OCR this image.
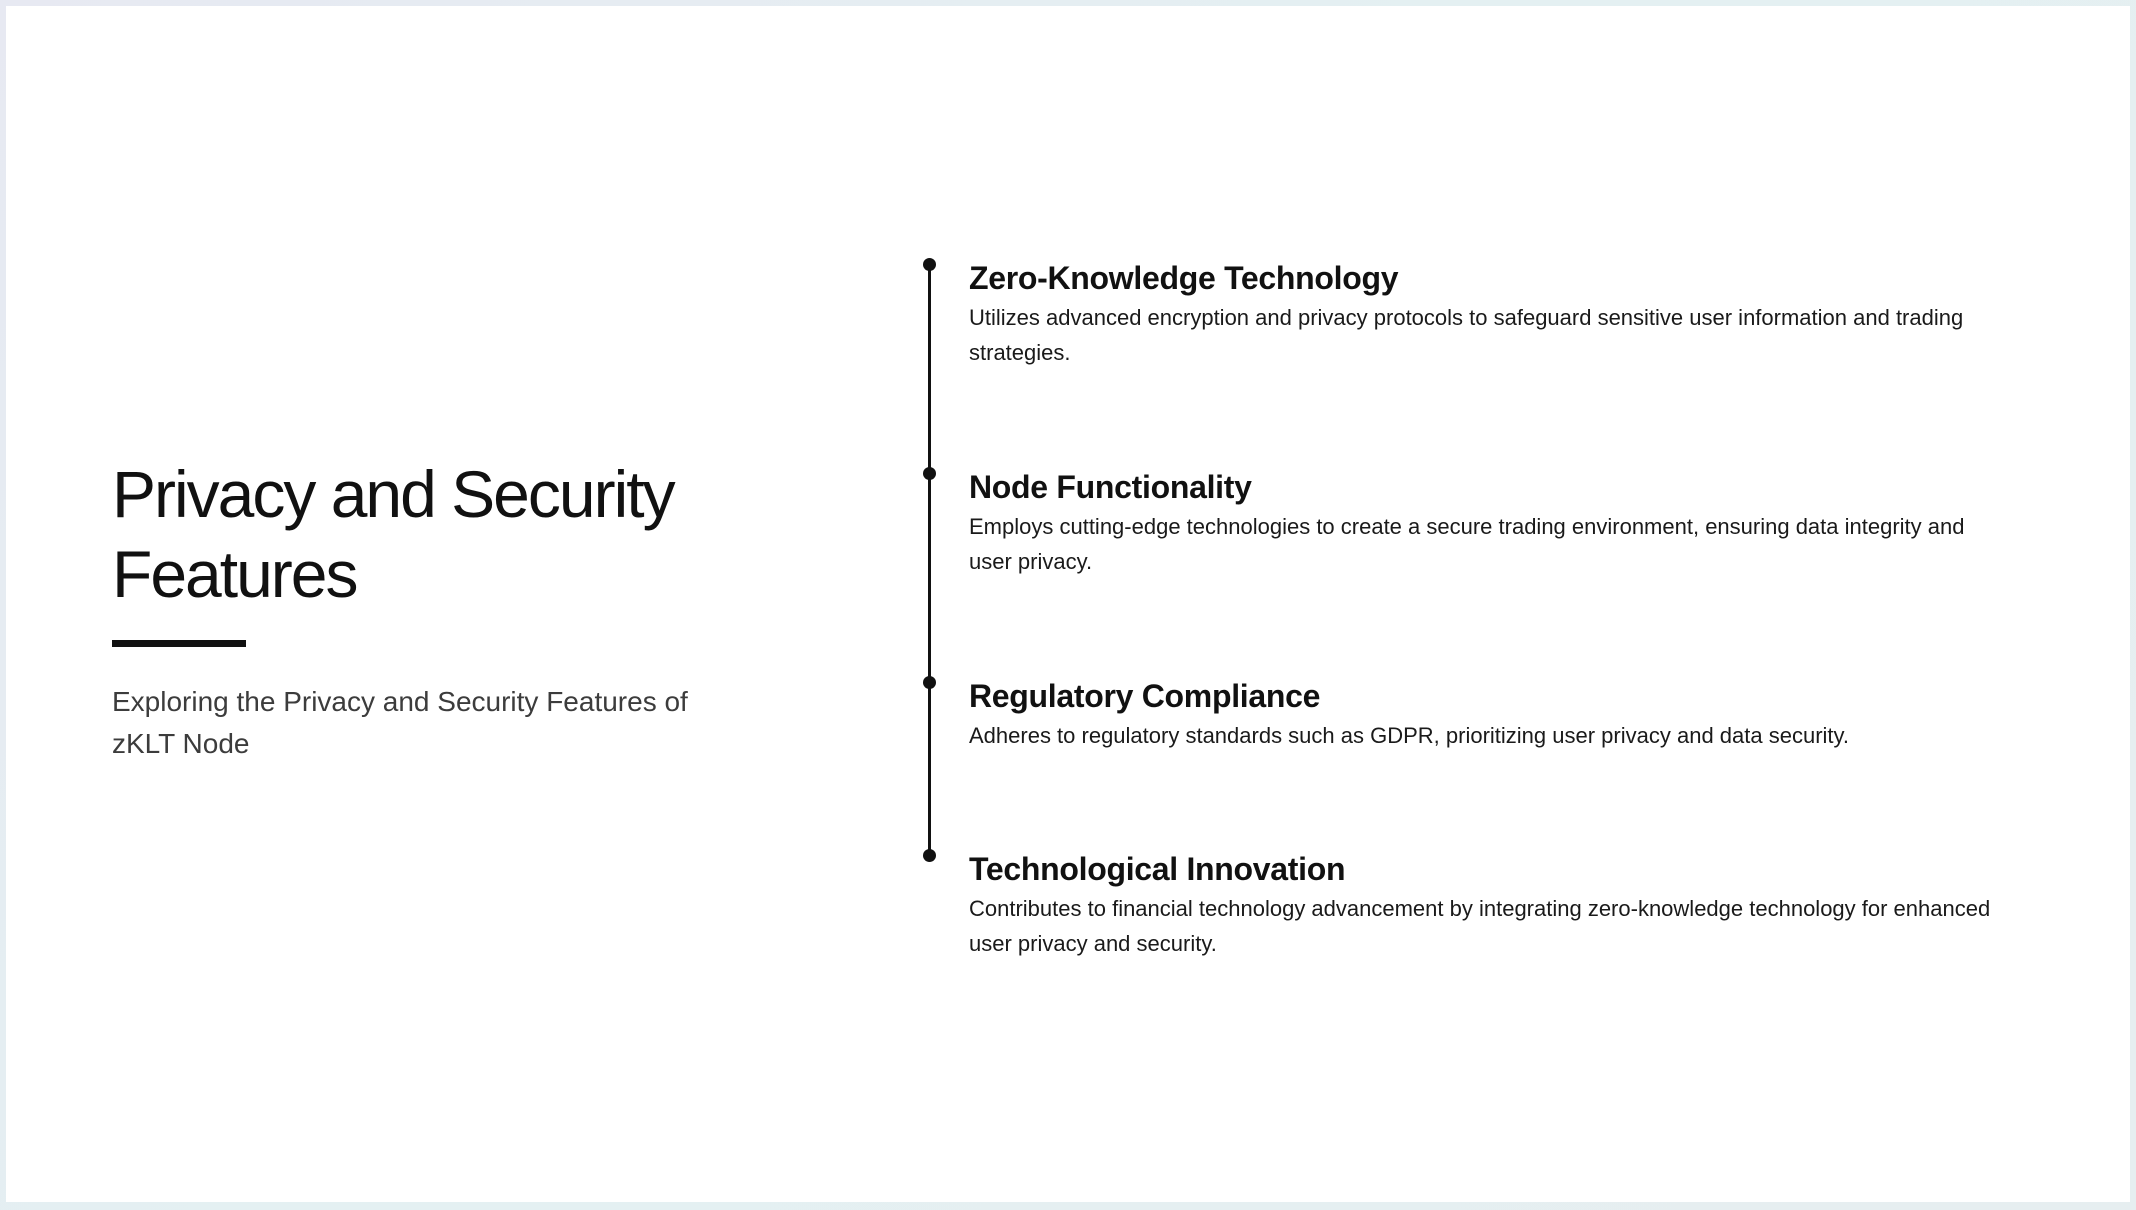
Privacy and Security Features
Exploring the Privacy and Security Features of zKLT Node
Zero-Knowledge Technology
Utilizes advanced encryption and privacy protocols to safeguard sensitive user information and trading strategies.
Node Functionality
Employs cutting-edge technologies to create a secure trading environment, ensuring data integrity and user privacy.
Regulatory Compliance
Adheres to regulatory standards such as GDPR, prioritizing user privacy and data security.
Technological Innovation
Contributes to financial technology advancement by integrating zero-knowledge technology for enhanced user privacy and security.
